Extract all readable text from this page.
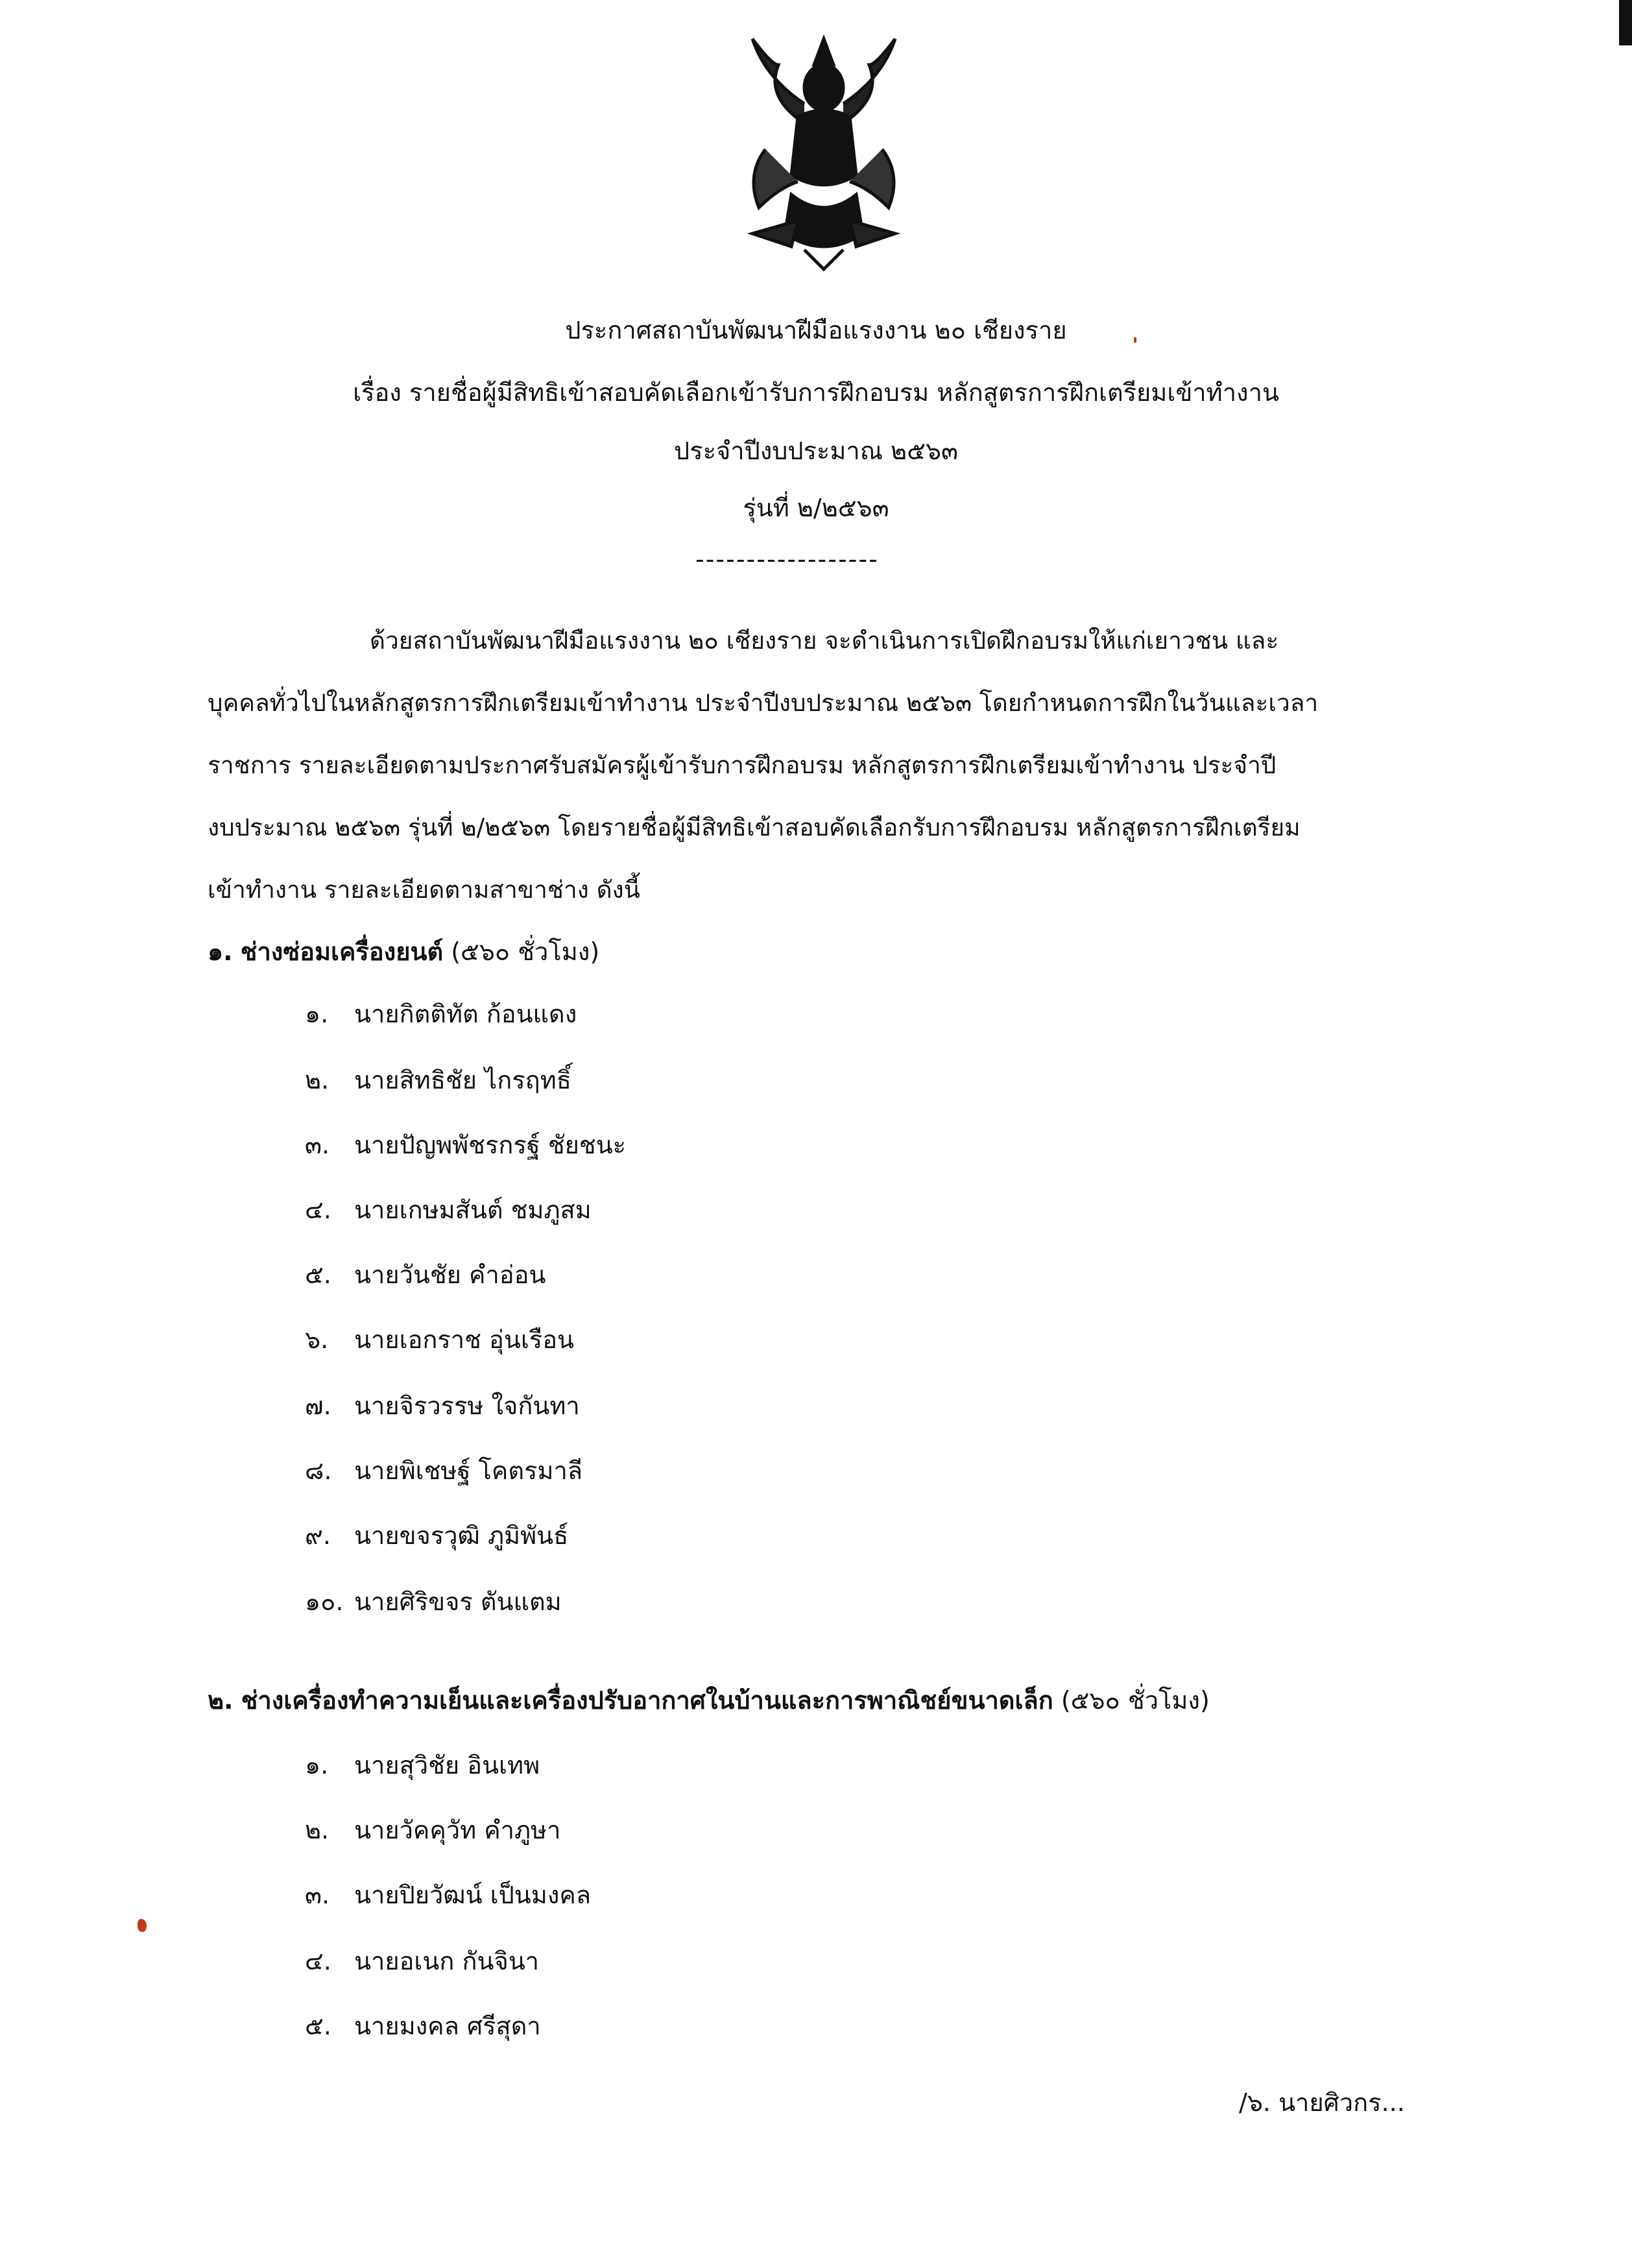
ประกาศสถาบันพัฒนาฝีมือแรงงาน ๒๐ เชียงราย
เรื่อง รายชื่อผู้มีสิทธิเข้าสอบคัดเลือกเข้ารับการฝึกอบรม หลักสูตรการฝึกเตรียมเข้าทำงาน
ประจำปีงบประมาณ ๒๕๖๓
รุ่นที่ ๒/๒๕๖๓
------------------
ด้วยสถาบันพัฒนาฝีมือแรงงาน ๒๐ เชียงราย จะดำเนินการเปิดฝึกอบรมให้แก่เยาวชน และ
บุคคลทั่วไปในหลักสูตรการฝึกเตรียมเข้าทำงาน ประจำปีงบประมาณ ๒๕๖๓ โดยกำหนดการฝึกในวันและเวลา
ราชการ รายละเอียดตามประกาศรับสมัครผู้เข้ารับการฝึกอบรม หลักสูตรการฝึกเตรียมเข้าทำงาน ประจำปี
งบประมาณ ๒๕๖๓ รุ่นที่ ๒/๒๕๖๓ โดยรายชื่อผู้มีสิทธิเข้าสอบคัดเลือกรับการฝึกอบรม หลักสูตรการฝึกเตรียม
เข้าทำงาน รายละเอียดตามสาขาช่าง ดังนี้
๑. ช่างซ่อมเครื่องยนต์ (๕๖๐ ชั่วโมง)
๑. นายกิตติทัต ก้อนแดง
๒. นายสิทธิชัย ไกรฤทธิ์
๓. นายปัญพพัชรกรฐ์ ชัยชนะ
๔. นายเกษมสันต์ ชมภูสม
๕. นายวันชัย คำอ่อน
๖. นายเอกราช อุ่นเรือน
๗. นายจิรวรรษ ใจกันทา
๘. นายพิเชษฐ์ โคตรมาลี
๙. นายขจรวุฒิ ภูมิพันธ์
๑๐. นายศิริขจร ตันแตม
๒. ช่างเครื่องทำความเย็นและเครื่องปรับอากาศในบ้านและการพาณิชย์ขนาดเล็ก (๕๖๐ ชั่วโมง)
๑. นายสุวิชัย อินเทพ
๒. นายวัคคุวัท คำภูษา
๓. นายปิยวัฒน์ เป็นมงคล
๔. นายอเนก กันจินา
๕. นายมงคล ศรีสุดา
/๖. นายศิวกร...
